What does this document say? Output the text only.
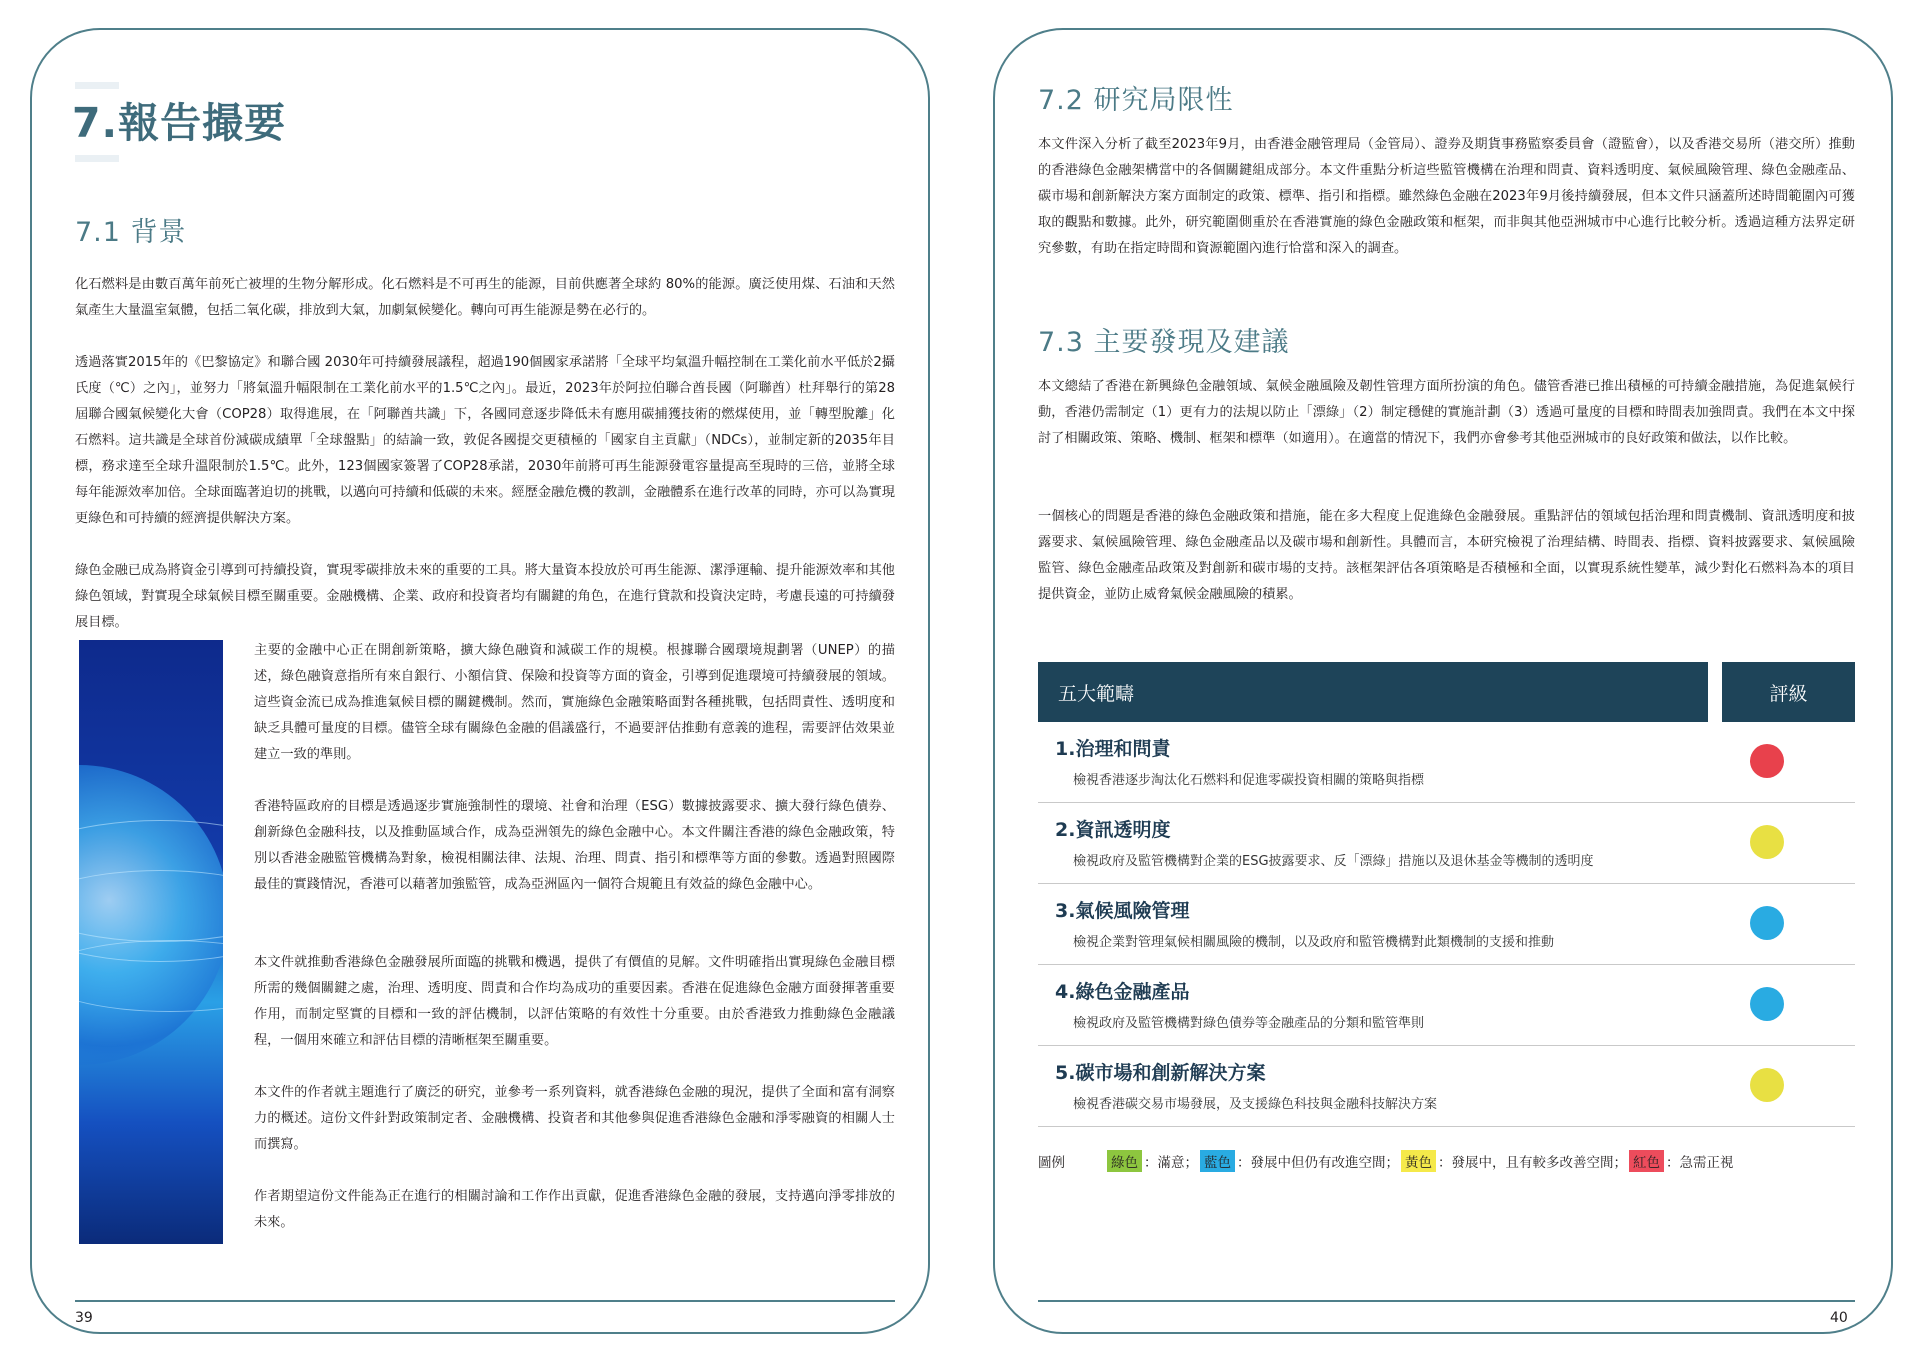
7.報告撮要
7.1 背景

化石燃料是由數百萬年前死亡被埋的生物分解形成。化石燃料是不可再生的能源，目前供應著全球約 80%的能源。廣泛使用煤、石油和天然氣產生大量溫室氣體，包括二氧化碳，排放到大氣，加劇氣候變化。轉向可再生能源是勢在必行的。

透過落實2015年的《巴黎協定》和聯合國 2030年可持續發展議程，超過190個國家承諾將「全球平均氣溫升幅控制在工業化前水平低於2攝氏度（℃）之內」，並努力「將氣溫升幅限制在工業化前水平的1.5℃之內」。最近，2023年於阿拉伯聯合酋長國（阿聯酋）杜拜舉行的第28屆聯合國氣候變化大會（COP28）取得進展，在「阿聯酋共識」下，各國同意逐步降低未有應用碳捕獲技術的燃煤使用，並「轉型脫離」化石燃料。這共識是全球首份減碳成績單「全球盤點」的結論一致，敦促各國提交更積極的「國家自主貢獻」（NDCs），並制定新的2035年目標，務求達至全球升溫限制於1.5℃。此外，123個國家簽署了COP28承諾，2030年前將可再生能源發電容量提高至現時的三倍，並將全球每年能源效率加倍。全球面臨著迫切的挑戰，以邁向可持續和低碳的未來。經歷金融危機的教訓，金融體系在進行改革的同時，亦可以為實現更綠色和可持續的經濟提供解決方案。

綠色金融已成為將資金引導到可持續投資，實現零碳排放未來的重要的工具。將大量資本投放於可再生能源、潔淨運輸、提升能源效率和其他綠色領域，對實現全球氣候目標至關重要。金融機構、企業、政府和投資者均有關鍵的角色，在進行貸款和投資決定時，考慮長遠的可持續發展目標。

主要的金融中心正在開創新策略，擴大綠色融資和減碳工作的規模。根據聯合國環境規劃署（UNEP）的描述，綠色融資意指所有來自銀行、小額信貸、保險和投資等方面的資金，引導到促進環境可持續發展的領域。這些資金流已成為推進氣候目標的關鍵機制。然而，實施綠色金融策略面對各種挑戰，包括問責性、透明度和缺乏具體可量度的目標。儘管全球有關綠色金融的倡議盛行，不過要評估推動有意義的進程，需要評估效果並建立一致的準則。

香港特區政府的目標是透過逐步實施強制性的環境、社會和治理（ESG）數據披露要求、擴大發行綠色債券、創新綠色金融科技，以及推動區域合作，成為亞洲領先的綠色金融中心。本文件關注香港的綠色金融政策，特別以香港金融監管機構為對象，檢視相關法律、法規、治理、問責、指引和標準等方面的參數。透過對照國際最佳的實踐情況，香港可以藉著加強監管，成為亞洲區內一個符合規範且有效益的綠色金融中心。

本文件就推動香港綠色金融發展所面臨的挑戰和機遇，提供了有價值的見解。文件明確指出實現綠色金融目標所需的幾個關鍵之處，治理、透明度、問責和合作均為成功的重要因素。香港在促進綠色金融方面發揮著重要作用，而制定堅實的目標和一致的評估機制，以評估策略的有效性十分重要。由於香港致力推動綠色金融議程，一個用來確立和評估目標的清晰框架至關重要。

本文件的作者就主題進行了廣泛的研究，並參考一系列資料，就香港綠色金融的現況，提供了全面和富有洞察力的概述。這份文件針對政策制定者、金融機構、投資者和其他參與促進香港綠色金融和淨零融資的相關人士而撰寫。

作者期望這份文件能為正在進行的相關討論和工作作出貢獻，促進香港綠色金融的發展，支持邁向淨零排放的未來。

39
7.2 研究局限性

本文件深入分析了截至2023年9月，由香港金融管理局（金管局）、證券及期貨事務監察委員會（證監會），以及香港交易所（港交所）推動的香港綠色金融架構當中的各個關鍵組成部分。本文件重點分析這些監管機構在治理和問責、資料透明度、氣候風險管理、綠色金融產品、碳市場和創新解決方案方面制定的政策、標準、指引和指標。雖然綠色金融在2023年9月後持續發展，但本文件只涵蓋所述時間範圍內可獲取的觀點和數據。此外，研究範圍側重於在香港實施的綠色金融政策和框架，而非與其他亞洲城市中心進行比較分析。透過這種方法界定研究參數，有助在指定時間和資源範圍內進行恰當和深入的調查。

7.3 主要發現及建議

本文總結了香港在新興綠色金融領域、氣候金融風險及韌性管理方面所扮演的角色。儘管香港已推出積極的可持續金融措施，為促進氣候行動，香港仍需制定（1）更有力的法規以防止「漂綠」（2）制定穩健的實施計劃（3）透過可量度的目標和時間表加強問責。我們在本文中探討了相關政策、策略、機制、框架和標準（如適用）。在適當的情況下，我們亦會參考其他亞洲城市的良好政策和做法，以作比較。

一個核心的問題是香港的綠色金融政策和措施，能在多大程度上促進綠色金融發展。重點評估的領域包括治理和問責機制、資訊透明度和披露要求、氣候風險管理、綠色金融產品以及碳市場和創新性。具體而言，本研究檢視了治理結構、時間表、指標、資料披露要求、氣候風險監管、綠色金融產品政策及對創新和碳市場的支持。該框架評估各項策略是否積極和全面，以實現系統性變革，減少對化石燃料為本的項目提供資金，並防止威脅氣候金融風險的積累。

五大範疇	評級
1.治理和問責
檢視香港逐步淘汰化石燃料和促進零碳投資相關的策略與指標
2.資訊透明度
檢視政府及監管機構對企業的ESG披露要求、反「漂綠」措施以及退休基金等機制的透明度
3.氣候風險管理
檢視企業對管理氣候相關風險的機制，以及政府和監管機構對此類機制的支援和推動
4.綠色金融產品
檢視政府及監管機構對綠色債券等金融產品的分類和監管準則
5.碳市場和創新解決方案
檢視香港碳交易市場發展，及支援綠色科技與金融科技解決方案
圖例	綠色 ：滿意； 藍色 ：發展中但仍有改進空間； 黃色 ：發展中，且有較多改善空間； 紅色 ：急需正視
40
